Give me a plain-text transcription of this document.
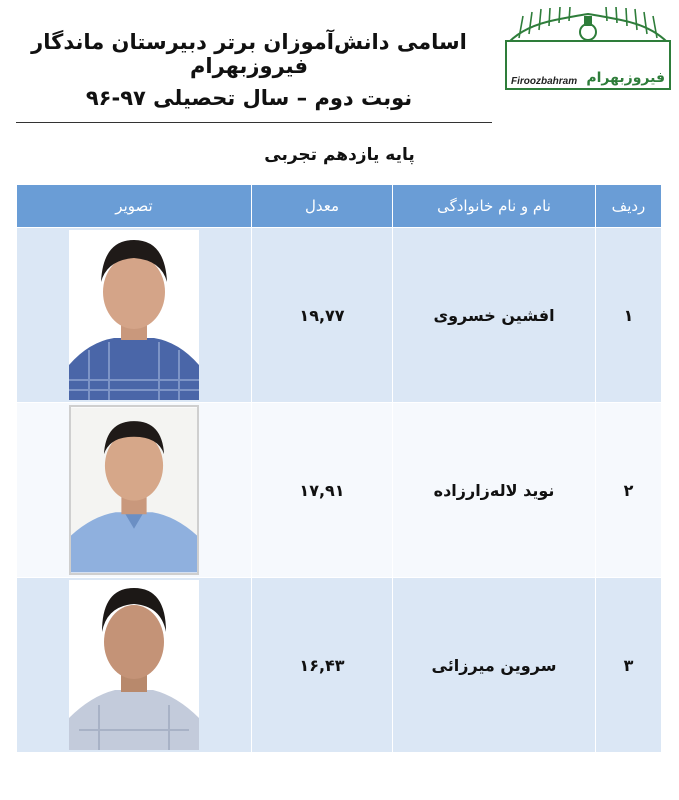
اسامی دانش‌آموزان برتر دبیرستان ماندگار فیروزبهرام
نوبت دوم – سال تحصیلی ۹۷-۹۶
Firoozbahram فیروزبهرام
پایه یازدهم تجربی
ردیف	نام و نام خانوادگی	معدل	تصویر
۱	افشین خسروی	۱۹,۷۷	

۲	نوید لاله‌زارزاده	۱۷,۹۱	

۳	سروین میرزائی	۱۶,۴۳	
